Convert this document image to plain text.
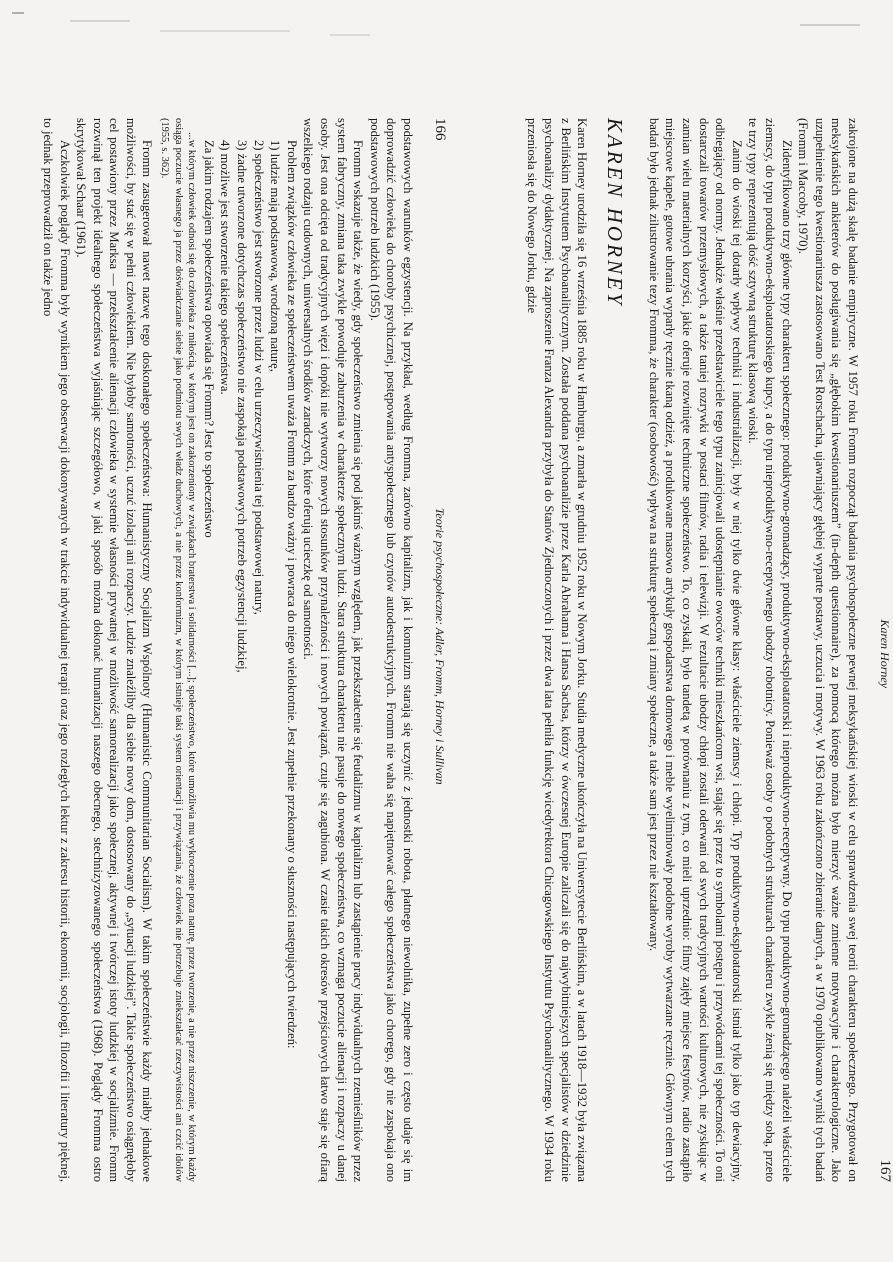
166
Teorie psychospołeczne: Adler, Fromm, Horney i Sullivan

podstawowych warunków egzystencji. Na przykład, według Fromma, zarówno kapitalizm, jak i komunizm starają się uczynić z jednostki robota, płatnego niewolnika, zupełne zero i często udaje się im doprowadzić człowieka do choroby psychicznej, postępowania antyspołecznego lub czynów autodestrukcyjnych. Fromm nie waha się napiętnować całego społeczeństwa jako chorego, gdy nie zaspokaja ono podstawowych potrzeb ludzkich (1955).

Fromm wskazuje także, że wiedy, gdy społeczeństwo zmienia się pod jakimś ważnym względem, jak przekształcenie się feudalizmu w kapitalizm lub zastąpienie pracy indywidualnych rzemieślników przez system fabryczny, zmiana taka zwykle powoduje zaburzenia w charakterze społecznym ludzi. Stara struktura charakteru nie pasuje do nowego społeczeństwa, co wzmaga poczucie alienacji i rozpaczy u danej osoby. Jest ona odcięta od tradycyjnych więzi i dopóki nie wytworzy nowych stosunków przynależności i nowych powiązań, czuje się zagubiona. W czasie takich okresów przejściowych łatwo staje się ofiarą wszelkiego rodzaju cudownych, uniwersalnych środków zaradczych, które oferują ucieczkę od samotności.

Problem związków człowieka ze społeczeństwem uważa Fromm za bardzo ważny i powraca do niego wielokrotnie. Jest zupełnie przekonany o słuszności następujących twierdzeń:

1) ludzie mają podstawową, wrodzoną naturę,

2) społeczeństwo jest stworzone przez ludzi w celu urzeczywistnienia tej podstawowej natury,

3) żadne utworzone dotychczas społeczeństwo nie zaspokaja podstawowych potrzeb egzystencji ludzkiej,

4) możliwe jest stworzenie takiego społeczeństwa.

Za jakim rodzajem społeczeństwa opowiada się Fromm? Jest to społeczeństwo

...w którym człowiek odnosi się do człowieka z miłością, w którym jest on zakorzeniony w związkach braterstwa i solidarności [...]; społeczeństwo, które umożliwia mu wykroczenie poza naturę, przez tworzenie, a nie przez niszczenie, w którym każdy osiąga poczucie własnego ja przez doświadczanie siebie jako podmiotu swych władz duchowych, a nie przez konformizm, w którym istnieje taki system orientacji i przywiązania, że człowiek nie potrzebuje zniekształcać rzeczywistości ani czcić idolów (1955, s. 362).

Fromm zasugerował nawet nazwę tego doskonałego społeczeństwa: Humanistyczny Socjalizm Wspólnoty (Humanistic Communitarian Socialism). W takim społeczeństwie każdy miałby jednakowe możliwości, by stać się w pełni człowiekiem. Nie byłoby samotności, uczuć izolacji ani rozpaczy. Ludzie znaleźliby dla siebie nowy dom, dostosowany do „sytuacji ludzkiej”. Takie społeczeństwo osiągnęłoby cel postawiony przez Marksa — przekształcenie alienacji człowieka w systemie własności prywatnej w możliwość samorealizacji jako społecznej, aktywnej i twórczej istoty ludzkiej w socjalizmie. Fromm rozwinął ten projekt idealnego społeczeństwa wyjaśniając szczegółowo, w jaki sposób można dokonać humanizacji naszego obecnego, stechnizyzowanego społeczeństwa (1968). Poglądy Fromma ostro skrytykował Schaar (1961).

Aczkolwiek poglądy Fromma były wynikiem jego obserwacji dokonywanych w trakcie indywidualnej terapii oraz jego rozległych lektur z zakresu historii, ekonomii, socjologii, filozofii i literatury pięknej, to jednak przeprowadził on także jedno

Karen Horney
167

zakrojone na dużą skalę badanie empiryczne. W 1957 roku Fromm rozpoczął badania psychospołeczne pewnej meksykańskiej wioski w celu sprawdzenia swej teorii charakteru społecznego. Przygotował on meksykańskich ankieterów do posługiwania się „głębokim kwestionariuszem” (in-depth questionnaire), za pomocą którego można było mierzyć ważne zmienne motywacyjne i charakterologiczne. Jako uzupełnienie tego kwestionariusza zastosowano Test Rorschacha, ujawniający głębiej wyparte postawy, uczucia i motywy. W 1963 roku zakończono zbieranie danych, a w 1970 opublikowano wyniki tych badań (Fromm i Maccoby, 1970).

Zidentyfikowano trzy główne typy charakteru społecznego: produktywno-gromadzący, produktywno-eksploatatorski i nieproduktywno-receptywny. Do typu produktywno-gromadzącego należeli właściciele ziemscy, do typu produktywno-eksploatatorskiego kupcy, a do typu nieproduktywno-receptywnego ubodzy robotnicy. Ponieważ osoby o podobnych strukturach charakteru zwykle żenią się między sobą, przeto te trzy typy reprezentują dość sztywną strukturę klasową wioski.

Zanim do wioski tej dotarły wpływy techniki i industrializacji, były w niej tylko dwie główne klasy: właściciele ziemscy i chłopi. Typ produktywno-eksploatatorski istniał tylko jako typ dewiacyjny, odbiegający od normy. Jednakże właśnie przedstawiciele tego typu zainicjowali udostępnianie owoców techniki mieszkańcom wsi, stając się przez to symbolami postępu i przywódcami tej społeczności. To oni dostarczali towarów przemysłowych, a także taniej rozrywki w postaci filmów, radia i telewizji. W rezultacie ubodzy chłopi zostali oderwani od swych tradycyjnych wartości kulturowych, nie zyskując w zamian wielu materialnych korzyści, jakie oferuje rozwinięte techniczne społeczeństwo. To, co zyskali, było tandetą w porównaniu z tym, co mieli uprzednio: filmy zajęły miejsce festynów, radio zastąpiło miejscowe kapele, gotowe ubrania wyparły ręcznie tkaną odzież, a produkowane masowo artykuły gospodarstwa domowego i meble wyeliminowały podobne wyroby wytwarzane ręcznie. Głównym celem tych badań było jednak zilustrowanie tezy Fromma, że charakter (osobowość) wpływa na strukturę społeczną i zmiany społeczne, a także sam jest przez nie kształtowany.

KAREN HORNEY

Karen Horney urodziła się 16 września 1885 roku w Hamburgu, a zmarła w grudniu 1952 roku w Nowym Jorku. Studia medyczne ukończyła na Uniwersytecie Berlińskim, a w latach 1918—1932 była związana z Berlińskim Instytutem Psychoanalitycznym. Została poddana psychoanalizie przez Karla Abrahama i Hansa Sachsa, którzy w ówczesnej Europie zaliczali się do najwybitniejszych specjalistów w dziedzinie psychoanalizy dydaktycznej. Na zaproszenie Franza Alexandra przybyła do Stanów Zjednoczonych i przez dwa lata pełniła funkcję wicedyrektora Chicagowskiego Instytutu Psychoanalitycznego. W 1934 roku przeniosła się do Nowego Jorku, gdzie
